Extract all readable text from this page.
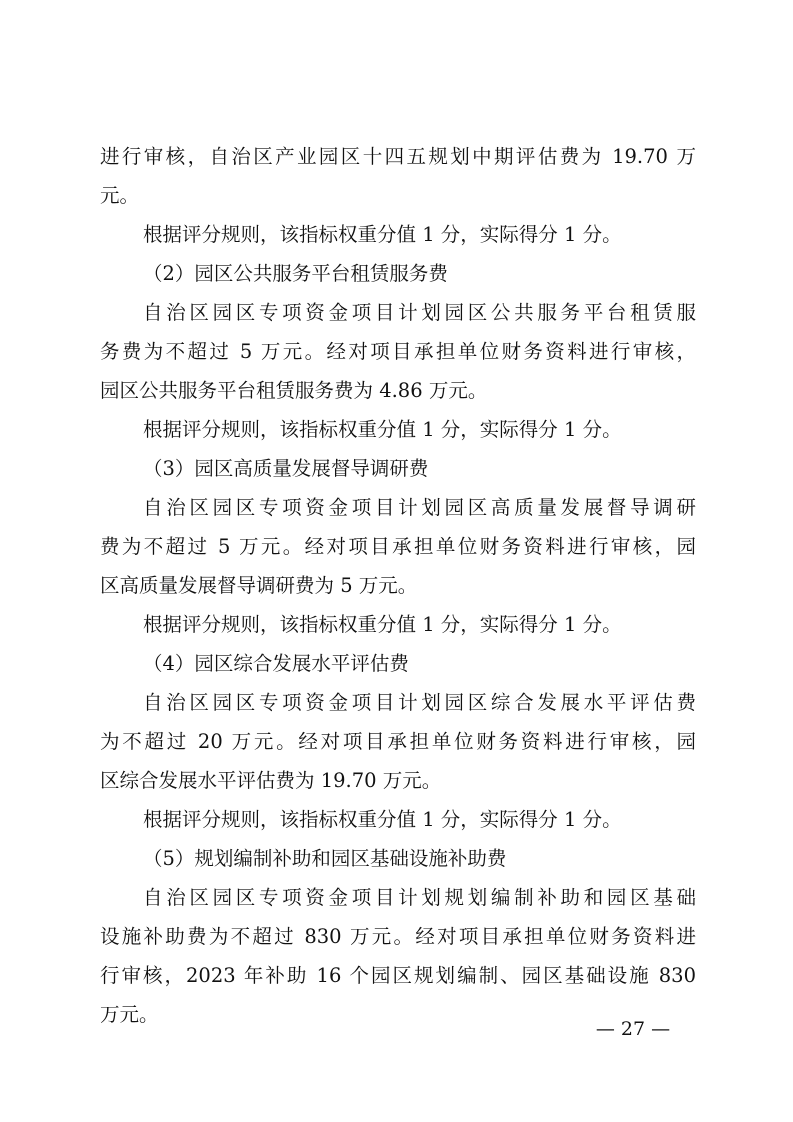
进行审核，自治区产业园区十四五规划中期评估费为 19.70 万
元。
根据评分规则，该指标权重分值 1 分，实际得分 1 分。
（2）园区公共服务平台租赁服务费
自治区园区专项资金项目计划园区公共服务平台租赁服
务费为不超过 5 万元。经对项目承担单位财务资料进行审核，
园区公共服务平台租赁服务费为 4.86 万元。
根据评分规则，该指标权重分值 1 分，实际得分 1 分。
（3）园区高质量发展督导调研费
自治区园区专项资金项目计划园区高质量发展督导调研
费为不超过 5 万元。经对项目承担单位财务资料进行审核，园
区高质量发展督导调研费为 5 万元。
根据评分规则，该指标权重分值 1 分，实际得分 1 分。
（4）园区综合发展水平评估费
自治区园区专项资金项目计划园区综合发展水平评估费
为不超过 20 万元。经对项目承担单位财务资料进行审核，园
区综合发展水平评估费为 19.70 万元。
根据评分规则，该指标权重分值 1 分，实际得分 1 分。
（5）规划编制补助和园区基础设施补助费
自治区园区专项资金项目计划规划编制补助和园区基础
设施补助费为不超过 830 万元。经对项目承担单位财务资料进
行审核，2023 年补助 16 个园区规划编制、园区基础设施 830
万元。
— 27 —
